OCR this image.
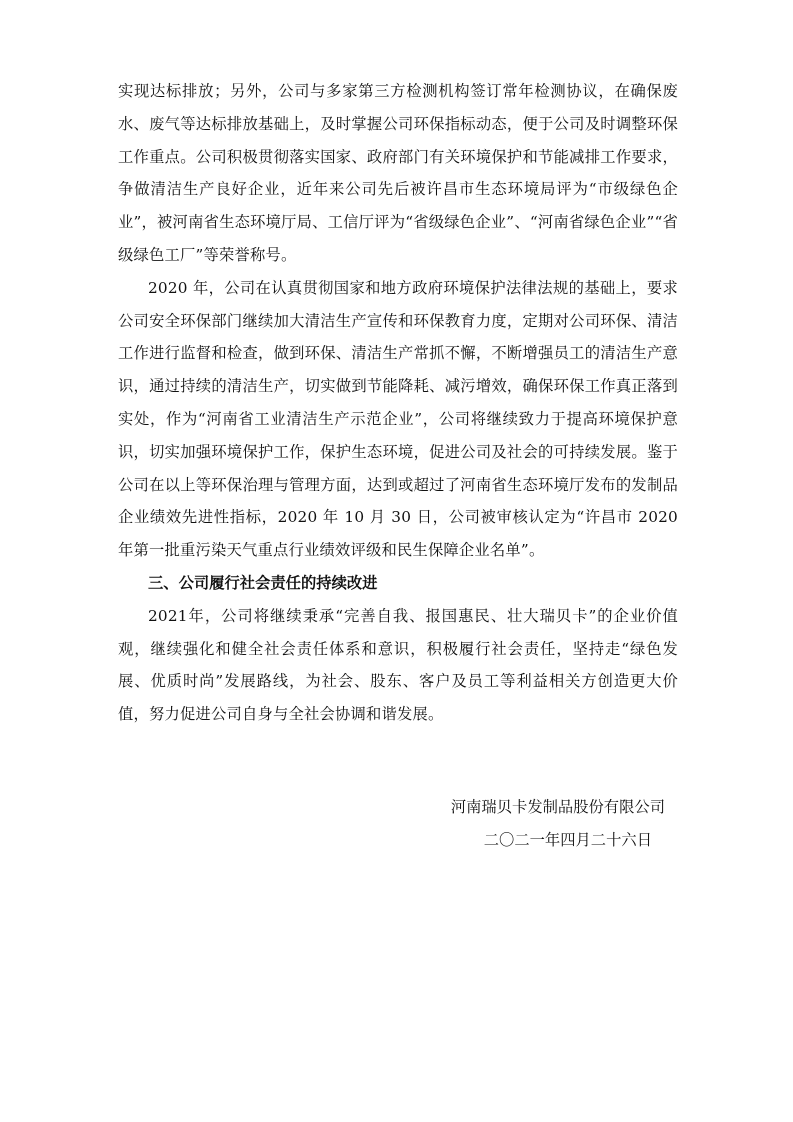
实现达标排放；另外，公司与多家第三方检测机构签订常年检测协议，在确保废水、废气等达标排放基础上，及时掌握公司环保指标动态，便于公司及时调整环保工作重点。公司积极贯彻落实国家、政府部门有关环境保护和节能减排工作要求，争做清洁生产良好企业，近年来公司先后被许昌市生态环境局评为“市级绿色企业”，被河南省生态环境厅局、工信厅评为“省级绿色企业”、“河南省绿色企业”“省级绿色工厂”等荣誉称号。

2020 年，公司在认真贯彻国家和地方政府环境保护法律法规的基础上，要求公司安全环保部门继续加大清洁生产宣传和环保教育力度，定期对公司环保、清洁工作进行监督和检查，做到环保、清洁生产常抓不懈，不断增强员工的清洁生产意识，通过持续的清洁生产，切实做到节能降耗、减污增效，确保环保工作真正落到实处，作为“河南省工业清洁生产示范企业”，公司将继续致力于提高环境保护意识，切实加强环境保护工作，保护生态环境，促进公司及社会的可持续发展。鉴于公司在以上等环保治理与管理方面，达到或超过了河南省生态环境厅发布的发制品企业绩效先进性指标，2020 年 10 月 30 日，公司被审核认定为“许昌市 2020 年第一批重污染天气重点行业绩效评级和民生保障企业名单”。

三、公司履行社会责任的持续改进

2021年，公司将继续秉承“完善自我、报国惠民、壮大瑞贝卡”的企业价值观，继续强化和健全社会责任体系和意识，积极履行社会责任，坚持走“绿色发展、优质时尚”发展路线，为社会、股东、客户及员工等利益相关方创造更大价值，努力促进公司自身与全社会协调和谐发展。

河南瑞贝卡发制品股份有限公司
二〇二一年四月二十六日
